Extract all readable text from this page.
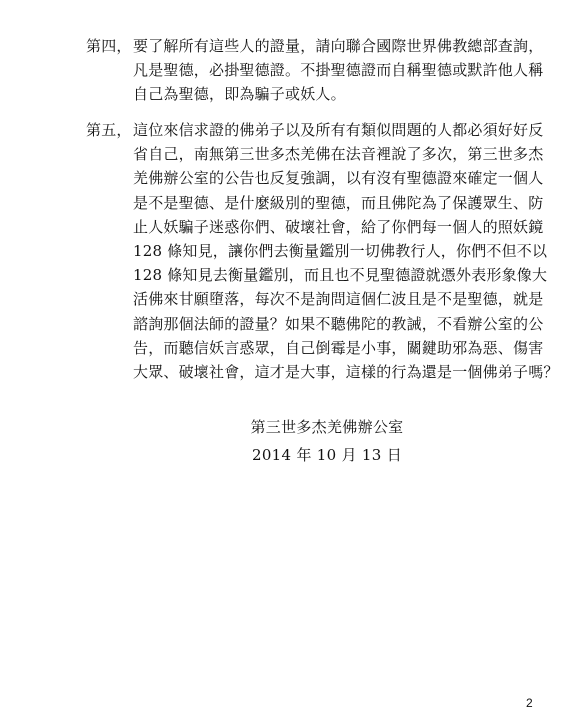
第四，要了解所有這些人的證量，請向聯合國際世界佛教總部查詢，
凡是聖德，必掛聖德證。不掛聖德證而自稱聖德或默許他人稱
自己為聖德，即為騙子或妖人。
第五，這位來信求證的佛弟子以及所有有類似問題的人都必須好好反
省自己，南無第三世多杰羌佛在法音裡說了多次，第三世多杰
羌佛辦公室的公告也反复強調，以有沒有聖德證來確定一個人
是不是聖德、是什麼級別的聖德，而且佛陀為了保護眾生、防
止人妖騙子迷惑你們、破壞社會，給了你們每一個人的照妖鏡
128 條知見，讓你們去衡量鑑別一切佛教行人，你們不但不以
128 條知見去衡量鑑別，而且也不見聖德證就憑外表形象像大
活佛來甘願墮落，每次不是詢問這個仁波且是不是聖德，就是
諮詢那個法師的證量？如果不聽佛陀的教誡，不看辦公室的公
告，而聽信妖言惑眾，自己倒霉是小事，關鍵助邪為惡、傷害
大眾、破壞社會，這才是大事，這樣的行為還是一個佛弟子嗎？
第三世多杰羌佛辦公室
2014 年 10 月 13 日
2
